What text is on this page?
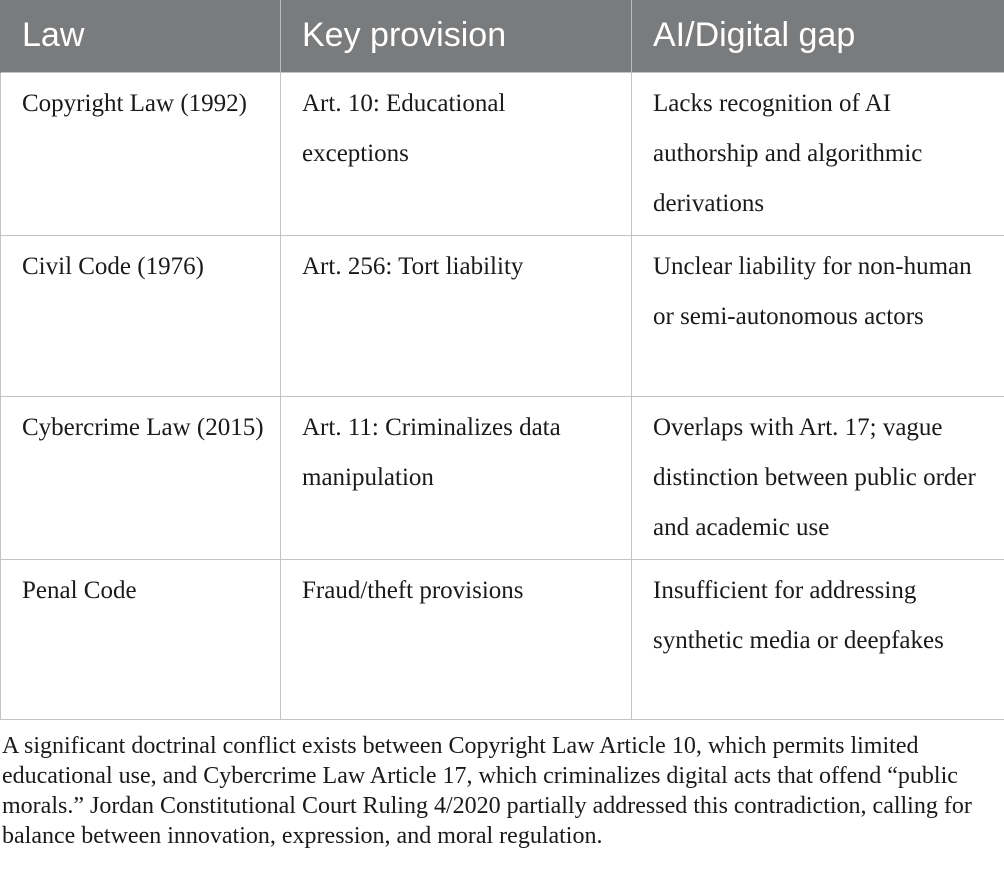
Law	Key provision	AI/Digital gap
Copyright Law (1992)	Art. 10: Educational exceptions	Lacks recognition of AI authorship and algorithmic derivations
Civil Code (1976)	Art. 256: Tort liability	Unclear liability for non-human or semi-autonomous actors
Cybercrime Law (2015)	Art. 11: Criminalizes data manipulation	Overlaps with Art. 17; vague distinction between public order and academic use
Penal Code	Fraud/theft provisions	Insufficient for addressing synthetic media or deepfakes

A significant doctrinal conflict exists between Copyright Law Article 10, which permits limited educational use, and Cybercrime Law Article 17, which criminalizes digital acts that offend “public morals.” Jordan Constitutional Court Ruling 4/2020 partially addressed this contradiction, calling for balance between innovation, expression, and moral regulation.
